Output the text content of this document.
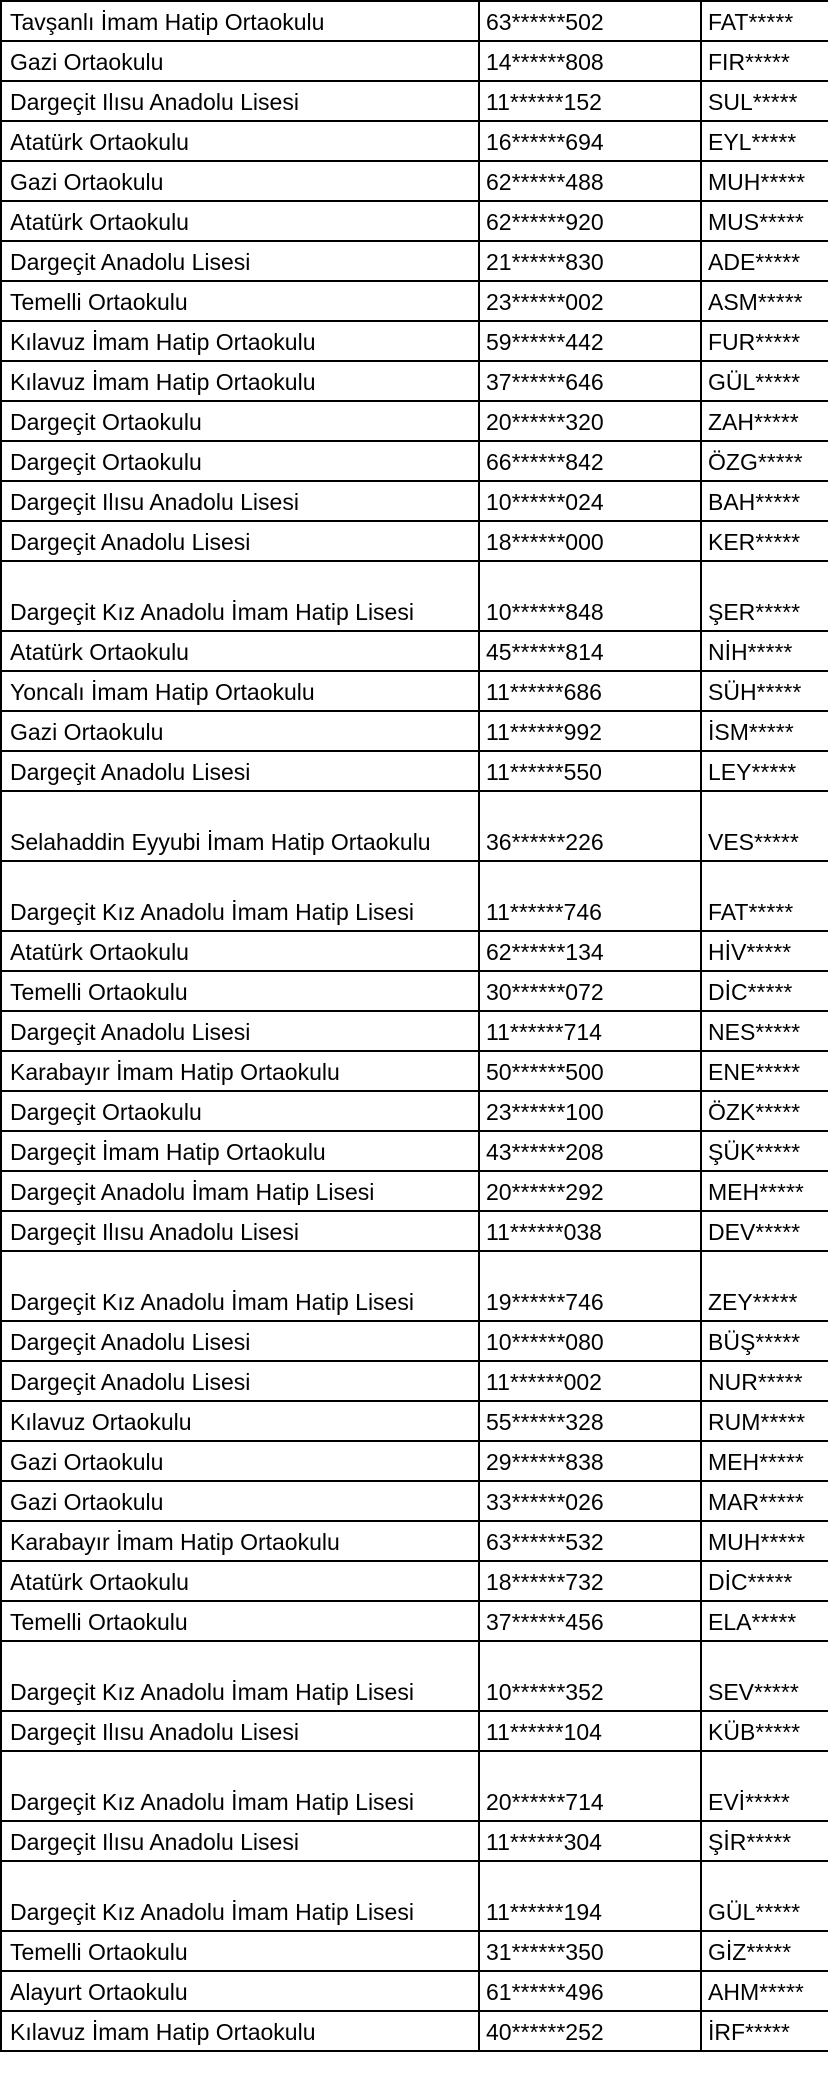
Tavşanlı İmam Hatip Ortaokulu	63******502	FAT*****
Gazi Ortaokulu	14******808	FIR*****
Dargeçit Ilısu Anadolu Lisesi	11******152	SUL*****
Atatürk Ortaokulu	16******694	EYL*****
Gazi Ortaokulu	62******488	MUH*****
Atatürk Ortaokulu	62******920	MUS*****
Dargeçit Anadolu Lisesi	21******830	ADE*****
Temelli Ortaokulu	23******002	ASM*****
Kılavuz İmam Hatip Ortaokulu	59******442	FUR*****
Kılavuz İmam Hatip Ortaokulu	37******646	GÜL*****
Dargeçit Ortaokulu	20******320	ZAH*****
Dargeçit Ortaokulu	66******842	ÖZG*****
Dargeçit Ilısu Anadolu Lisesi	10******024	BAH*****
Dargeçit Anadolu Lisesi	18******000	KER*****
Dargeçit Kız Anadolu İmam Hatip Lisesi	10******848	ŞER*****
Atatürk Ortaokulu	45******814	NİH*****
Yoncalı İmam Hatip Ortaokulu	11******686	SÜH*****
Gazi Ortaokulu	11******992	İSM*****
Dargeçit Anadolu Lisesi	11******550	LEY*****
Selahaddin Eyyubi İmam Hatip Ortaokulu	36******226	VES*****
Dargeçit Kız Anadolu İmam Hatip Lisesi	11******746	FAT*****
Atatürk Ortaokulu	62******134	HİV*****
Temelli Ortaokulu	30******072	DİC*****
Dargeçit Anadolu Lisesi	11******714	NES*****
Karabayır İmam Hatip Ortaokulu	50******500	ENE*****
Dargeçit Ortaokulu	23******100	ÖZK*****
Dargeçit İmam Hatip Ortaokulu	43******208	ŞÜK*****
Dargeçit Anadolu İmam Hatip Lisesi	20******292	MEH*****
Dargeçit Ilısu Anadolu Lisesi	11******038	DEV*****
Dargeçit Kız Anadolu İmam Hatip Lisesi	19******746	ZEY*****
Dargeçit Anadolu Lisesi	10******080	BÜŞ*****
Dargeçit Anadolu Lisesi	11******002	NUR*****
Kılavuz Ortaokulu	55******328	RUM*****
Gazi Ortaokulu	29******838	MEH*****
Gazi Ortaokulu	33******026	MAR*****
Karabayır İmam Hatip Ortaokulu	63******532	MUH*****
Atatürk Ortaokulu	18******732	DİC*****
Temelli Ortaokulu	37******456	ELA*****
Dargeçit Kız Anadolu İmam Hatip Lisesi	10******352	SEV*****
Dargeçit Ilısu Anadolu Lisesi	11******104	KÜB*****
Dargeçit Kız Anadolu İmam Hatip Lisesi	20******714	EVİ*****
Dargeçit Ilısu Anadolu Lisesi	11******304	ŞİR*****
Dargeçit Kız Anadolu İmam Hatip Lisesi	11******194	GÜL*****
Temelli Ortaokulu	31******350	GİZ*****
Alayurt Ortaokulu	61******496	AHM*****
Kılavuz İmam Hatip Ortaokulu	40******252	İRF*****
